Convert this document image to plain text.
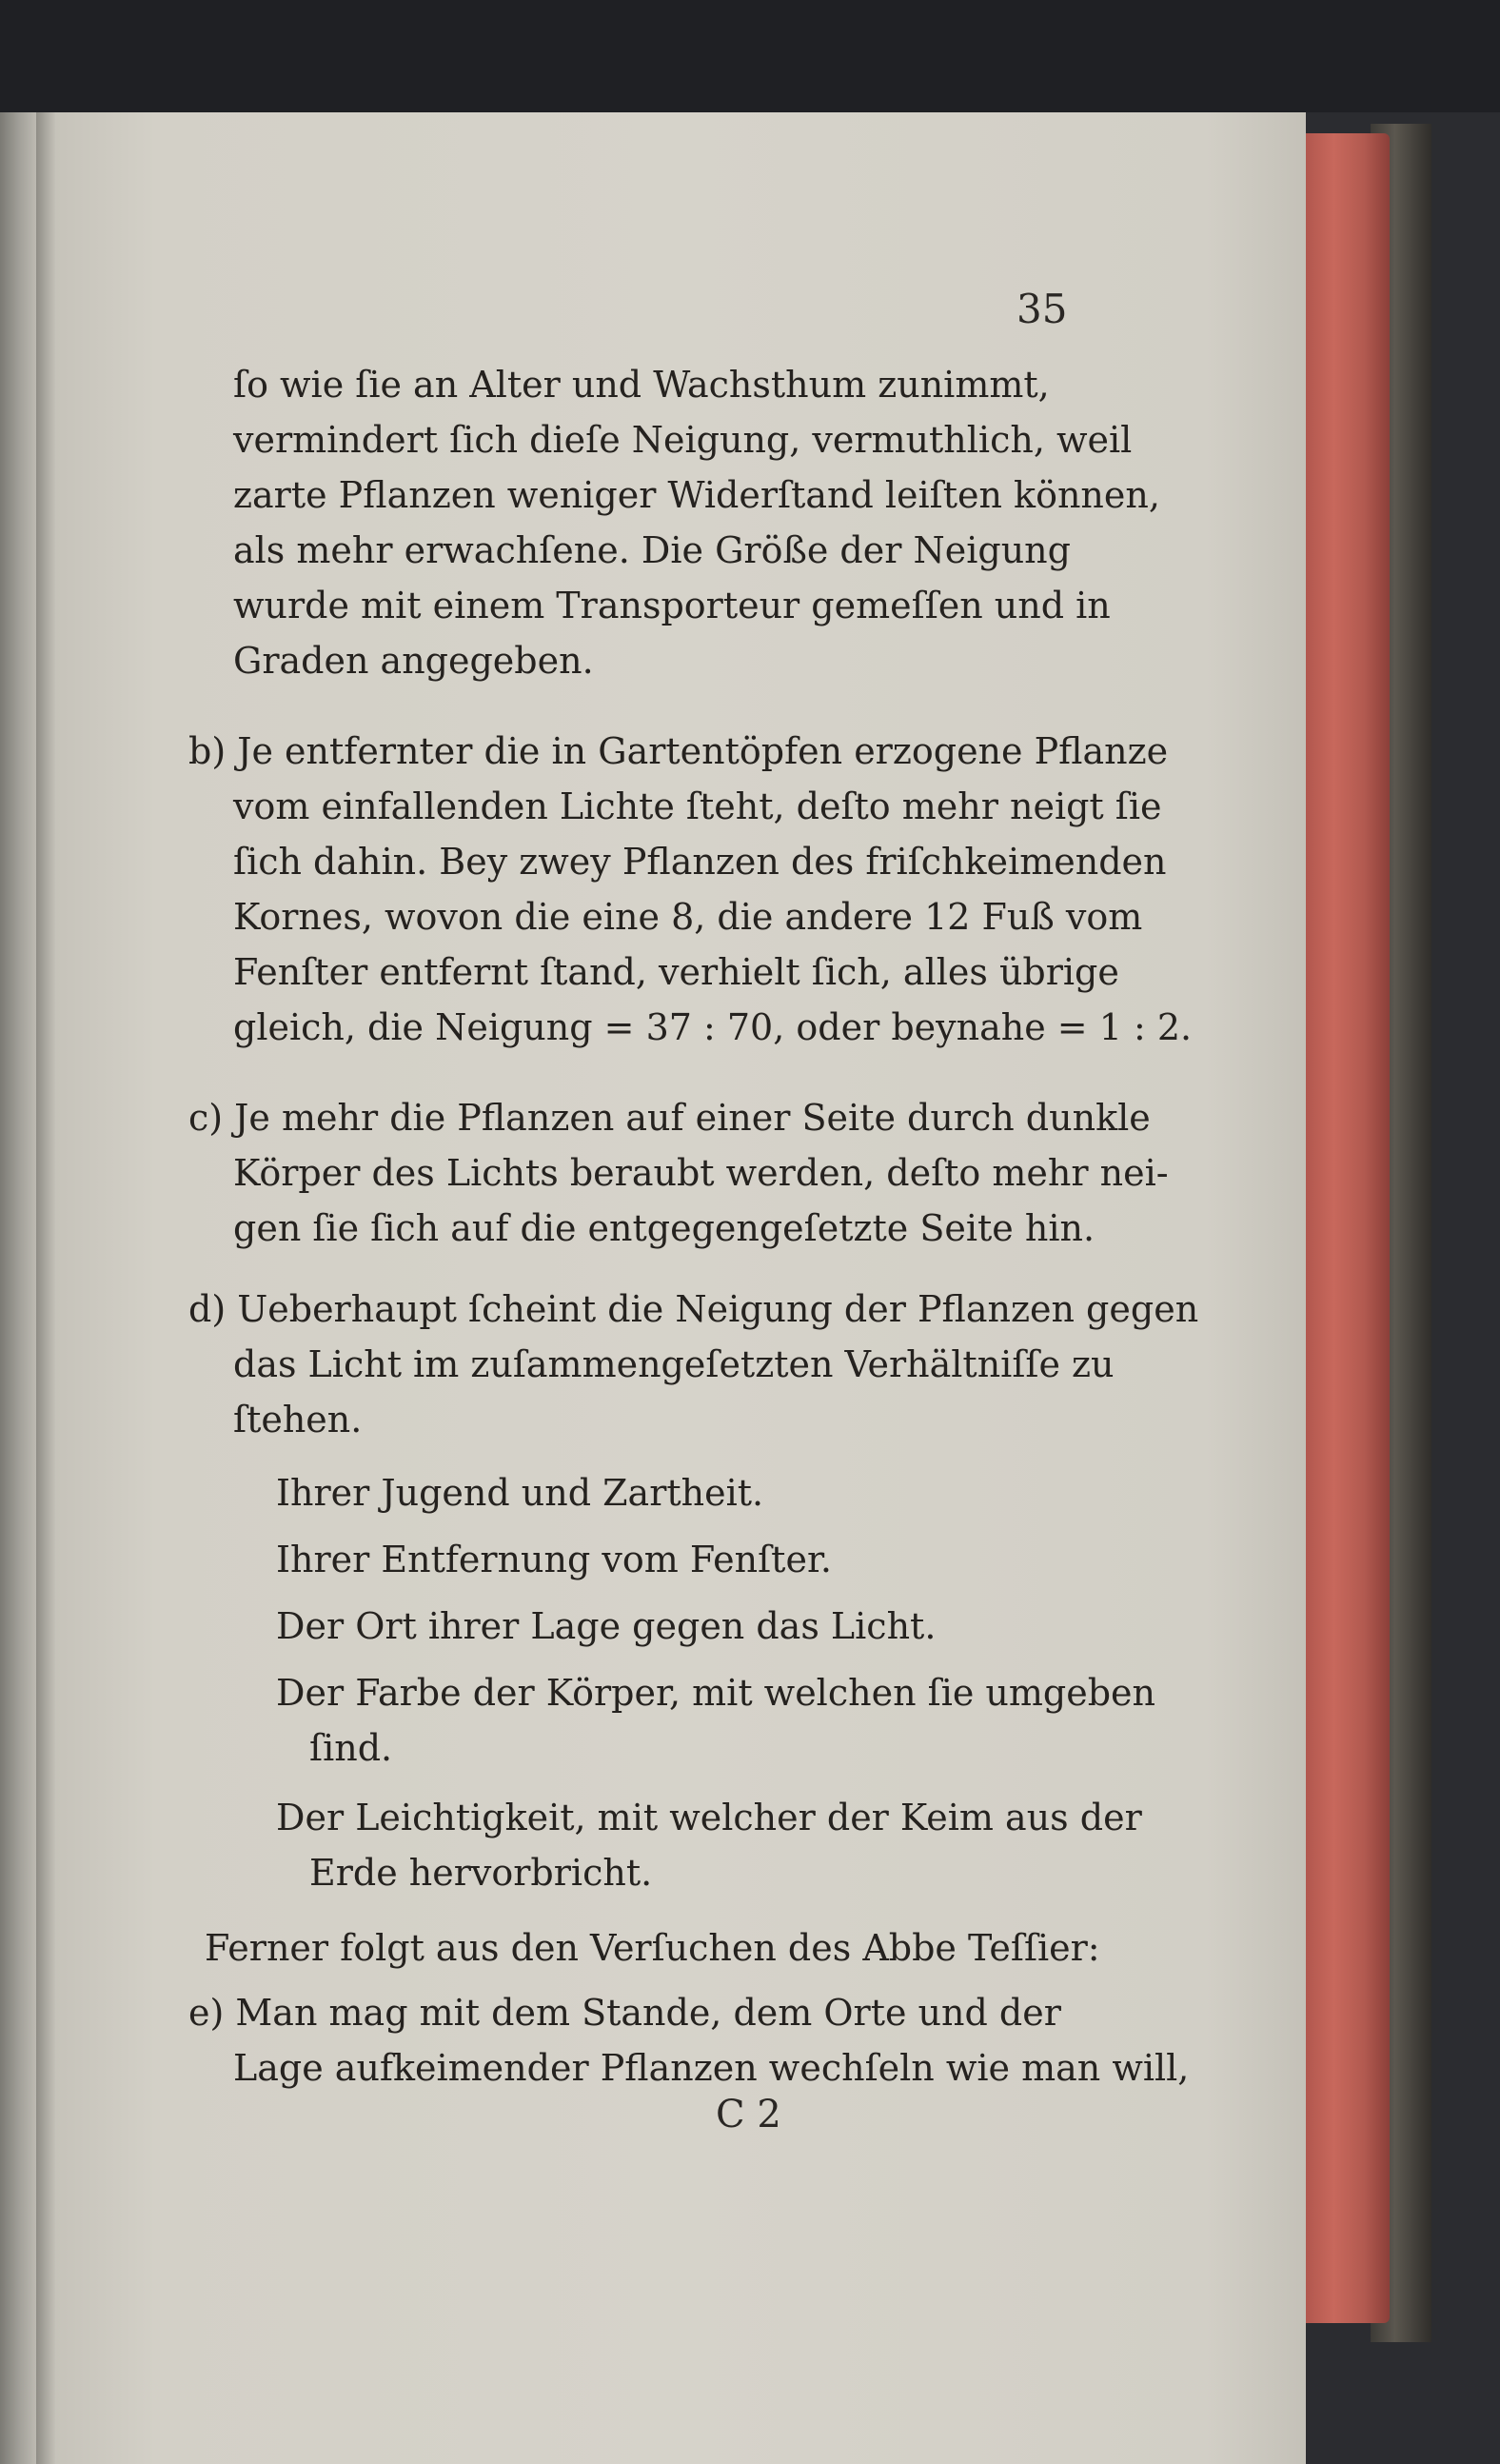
35
ſo wie ſie an Alter und Wachsthum zunimmt,
vermindert ſich dieſe Neigung, vermuthlich, weil
zarte Pflanzen weniger Widerſtand leiſten können,
als mehr erwachſene. Die Größe der Neigung
wurde mit einem Transporteur gemeſſen und in
Graden angegeben.
b) Je entfernter die in Gartentöpfen erzogene Pflanze
vom einfallenden Lichte ſteht, deſto mehr neigt ſie
ſich dahin. Bey zwey Pflanzen des friſchkeimenden
Kornes, wovon die eine 8, die andere 12 Fuß vom
Fenſter entfernt ſtand, verhielt ſich, alles übrige
gleich, die Neigung = 37 : 70, oder beynahe = 1 : 2.
c) Je mehr die Pflanzen auf einer Seite durch dunkle
Körper des Lichts beraubt werden, deſto mehr nei-
gen ſie ſich auf die entgegengeſetzte Seite hin.
d) Ueberhaupt ſcheint die Neigung der Pflanzen gegen
das Licht im zuſammengeſetzten Verhältniſſe zu
ſtehen.
Ihrer Jugend und Zartheit.
Ihrer Entfernung vom Fenſter.
Der Ort ihrer Lage gegen das Licht.
Der Farbe der Körper, mit welchen ſie umgeben
ſind.
Der Leichtigkeit, mit welcher der Keim aus der
Erde hervorbricht.
Ferner folgt aus den Verſuchen des Abbe Teſſier:
e) Man mag mit dem Stande, dem Orte und der
Lage aufkeimender Pflanzen wechſeln wie man will,
C 2
